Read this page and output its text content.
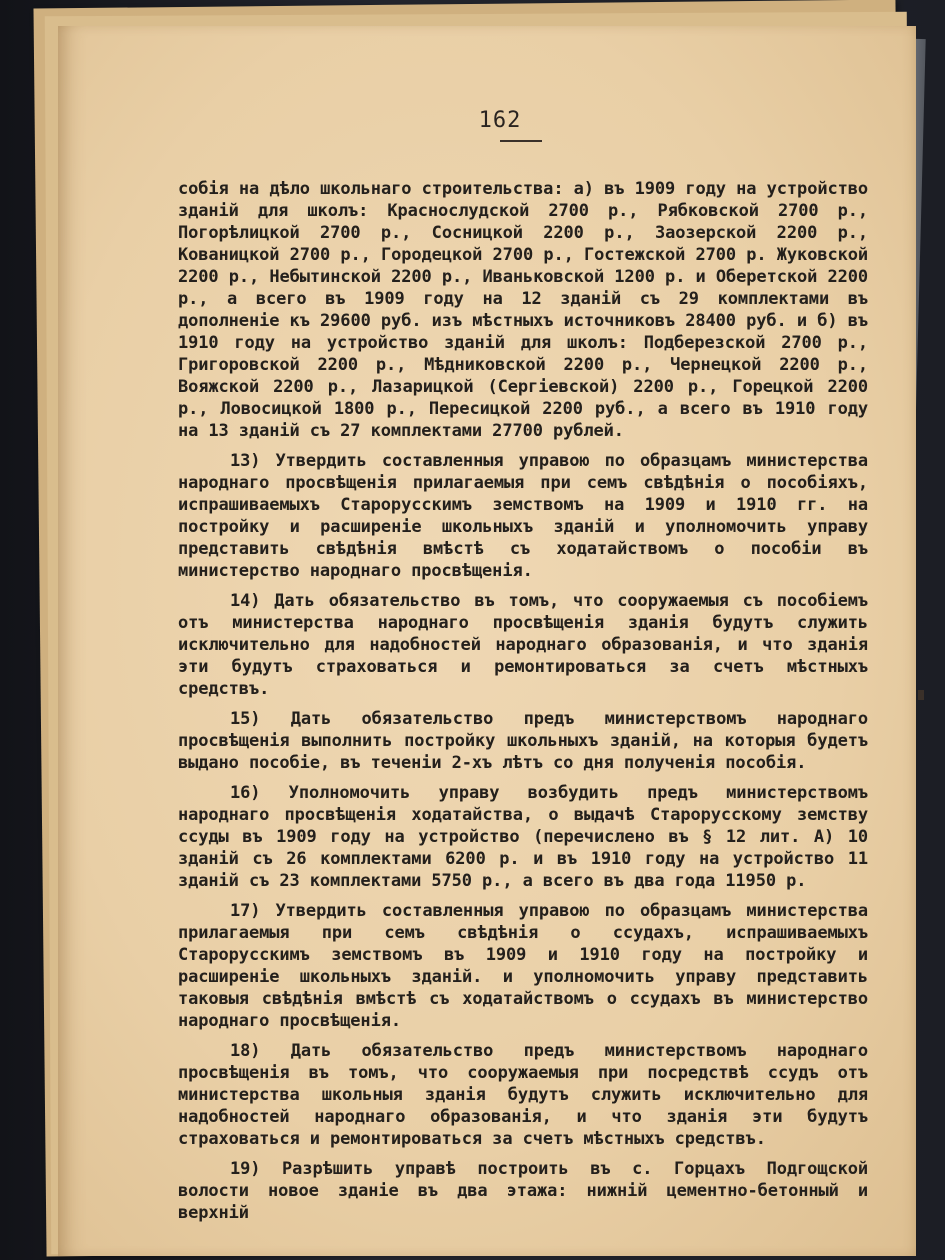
162

собія на дѣло школьнаго строительства: а) въ 1909 году на устройство зданій для школъ: Краснослудской 2700 р., Рябковской 2700 р., Погорѣлицкой 2700 р., Сосницкой 2200 р., Заозерской 2200 р., Кованицкой 2700 р., Городецкой 2700 р., Гостежской 2700 р. Жуковской 2200 р., Небытинской 2200 р., Иваньковской 1200 р. и Оберетской 2200 р., а всего въ 1909 году на 12 зданій съ 29 комплектами въ дополненіе къ 29600 руб. изъ мѣстныхъ источниковъ 28400 руб. и б) въ 1910 году на устройство зданій для школъ: Подберезской 2700 р., Григоровской 2200 р., Мѣдниковской 2200 р., Чернецкой 2200 р., Вояжской 2200 р., Лазарицкой (Сергіевской) 2200 р., Горецкой 2200 р., Ловосицкой 1800 р., Пересицкой 2200 руб., а всего въ 1910 году на 13 зданій съ 27 комплектами 27700 рублей.

13) Утвердить составленныя управою по образцамъ министерства народнаго просвѣщенія прилагаемыя при семъ свѣдѣнія о пособіяхъ, испрашиваемыхъ Старорусскимъ земствомъ на 1909 и 1910 гг. на постройку и расширеніе школьныхъ зданій и уполномочить управу представить свѣдѣнія вмѣстѣ съ ходатайствомъ о пособіи въ министерство народнаго просвѣщенія.

14) Дать обязательство въ томъ, что сооружаемыя съ пособіемъ отъ министерства народнаго просвѣщенія зданія будутъ служить исключительно для надобностей народнаго образованія, и что зданія эти будутъ страховаться и ремонтироваться за счетъ мѣстныхъ средствъ.

15) Дать обязательство предъ министерствомъ народнаго просвѣщенія выполнить постройку школьныхъ зданій, на которыя будетъ выдано пособіе, въ теченіи 2-хъ лѣтъ со дня полученія пособія.

16) Уполномочить управу возбудить предъ министерствомъ народнаго просвѣщенія ходатайства, о выдачѣ Старорусскому земству ссуды въ 1909 году на устройство (перечислено въ § 12 лит. А) 10 зданій съ 26 комплектами 6200 р. и въ 1910 году на устройство 11 зданій съ 23 комплектами 5750 р., а всего въ два года 11950 р.

17) Утвердить составленныя управою по образцамъ министерства прилагаемыя при семъ свѣдѣнія о ссудахъ, испрашиваемыхъ Старорусскимъ земствомъ въ 1909 и 1910 году на постройку и расширеніе школьныхъ зданій. и уполномочить управу представить таковыя свѣдѣнія вмѣстѣ съ ходатайствомъ о ссудахъ въ министерство народнаго просвѣщенія.

18) Дать обязательство предъ министерствомъ народнаго просвѣщенія въ томъ, что сооружаемыя при посредствѣ ссудъ отъ министерства школьныя зданія будутъ служить исключительно для надобностей народнаго образованія, и что зданія эти будутъ страховаться и ремонтироваться за счетъ мѣстныхъ средствъ.

19) Разрѣшить управѣ построить въ с. Горцахъ Подгощской волости новое зданіе въ два этажа: нижній цементно-бетонный и верхній
